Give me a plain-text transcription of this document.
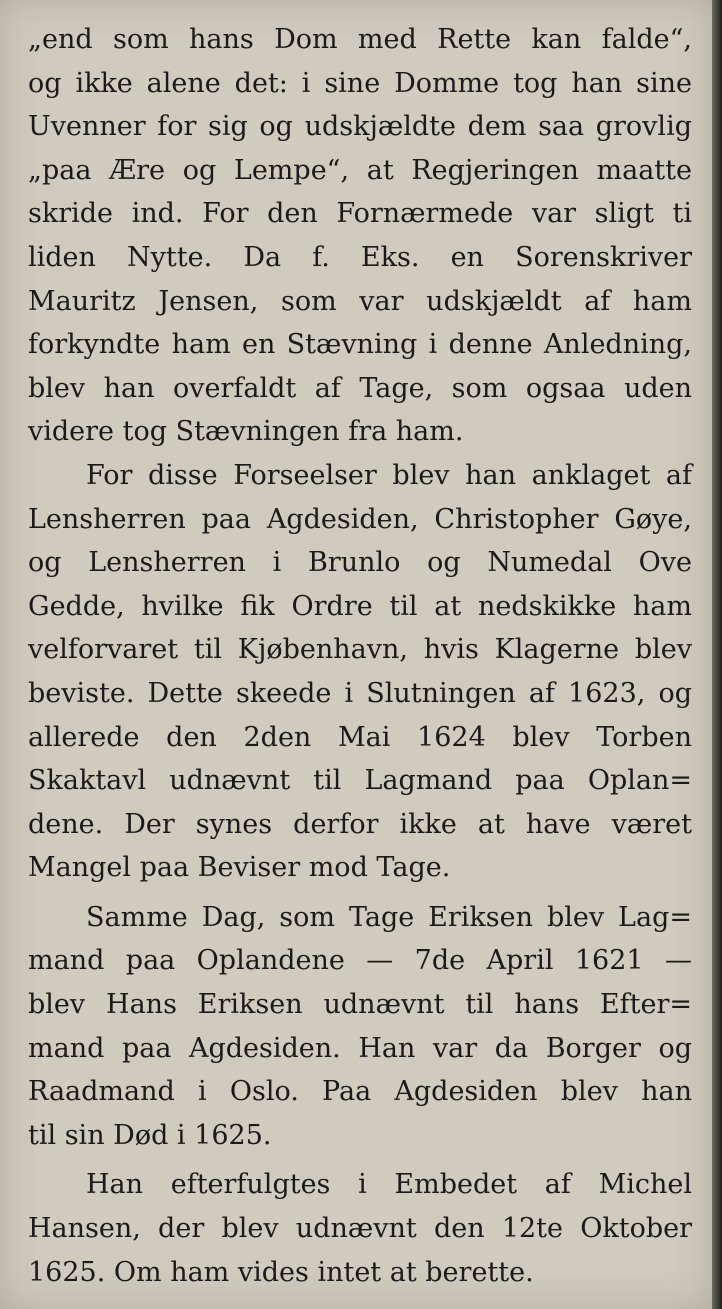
„end som hans Dom med Rette kan falde“,
og ikke alene det: i sine Domme tog han sine
Uvenner for sig og udskjældte dem saa grovlig
„paa Ære og Lempe“, at Regjeringen maatte
skride ind. For den Fornærmede var sligt ti
liden Nytte. Da f. Eks. en Sorenskriver
Mauritz Jensen, som var udskjældt af ham
forkyndte ham en Stævning i denne Anledning,
blev han overfaldt af Tage, som ogsaa uden
videre tog Stævningen fra ham.
For disse Forseelser blev han anklaget af
Lensherren paa Agdesiden, Christopher Gøye,
og Lensherren i Brunlo og Numedal Ove
Gedde, hvilke fik Ordre til at nedskikke ham
velforvaret til Kjøbenhavn, hvis Klagerne blev
beviste. Dette skeede i Slutningen af 1623, og
allerede den 2den Mai 1624 blev Torben
Skaktavl udnævnt til Lagmand paa Oplan=
dene. Der synes derfor ikke at have været
Mangel paa Beviser mod Tage.
Samme Dag, som Tage Eriksen blev Lag=
mand paa Oplandene — 7de April 1621 —
blev Hans Eriksen udnævnt til hans Efter=
mand paa Agdesiden. Han var da Borger og
Raadmand i Oslo. Paa Agdesiden blev han
til sin Død i 1625.
Han efterfulgtes i Embedet af Michel
Hansen, der blev udnævnt den 12te Oktober
1625. Om ham vides intet at berette.
